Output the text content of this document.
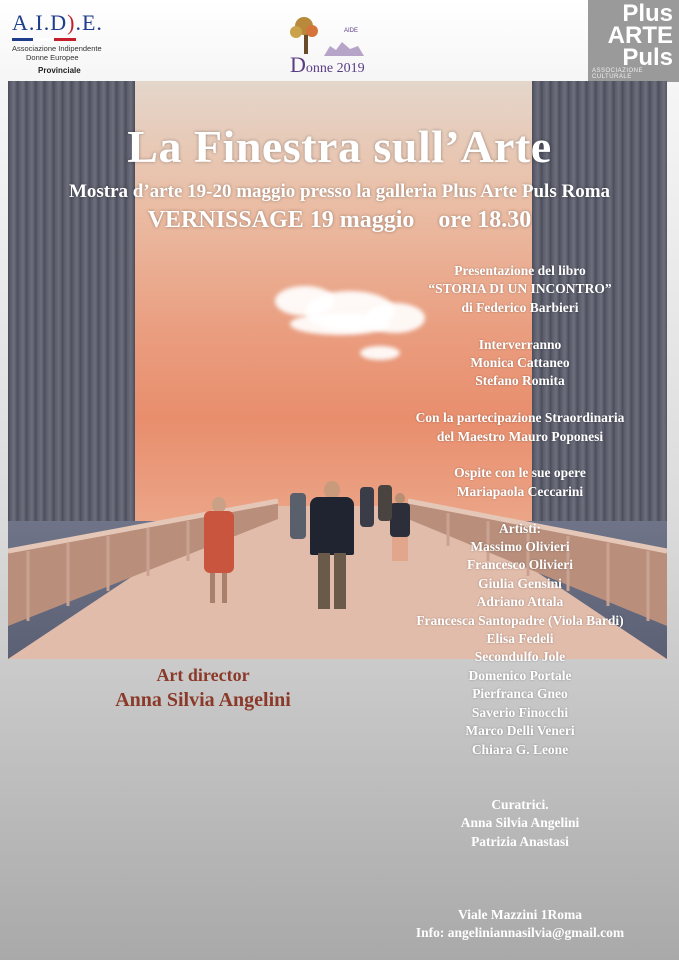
A.I.D).E.
Associazione Indipendente
Donne Europee
Provinciale
AIDE
Donne 2019
Plus
ARTE
Puls
ASSOCIAZIONE CULTURALE
La Finestra sull’Arte
Mostra d’arte 19-20 maggio presso la galleria Plus Arte Puls Roma
VERNISSAGE 19 maggio    ore 18.30
Presentazione del libro
“STORIA DI UN INCONTRO”
di Federico Barbieri
Interverranno
Monica Cattaneo
Stefano Romita
Con la partecipazione Straordinaria
del Maestro Mauro Poponesi
Ospite con le sue opere
Mariapaola Ceccarini
Artisti:
Massimo Olivieri
Francesco Olivieri
Giulia Gensini
Adriano Attala
Francesca Santopadre (Viola Bardi)
Elisa Fedeli
Secondulfo Jole
Domenico Portale
Pierfranca Gneo
Saverio Finocchi
Marco Delli Veneri
Chiara G. Leone
Art director
Anna Silvia Angelini
Curatrici.
Anna Silvia Angelini
Patrizia Anastasi
Viale Mazzini 1Roma
Info: angeliniannasilvia@gmail.com
